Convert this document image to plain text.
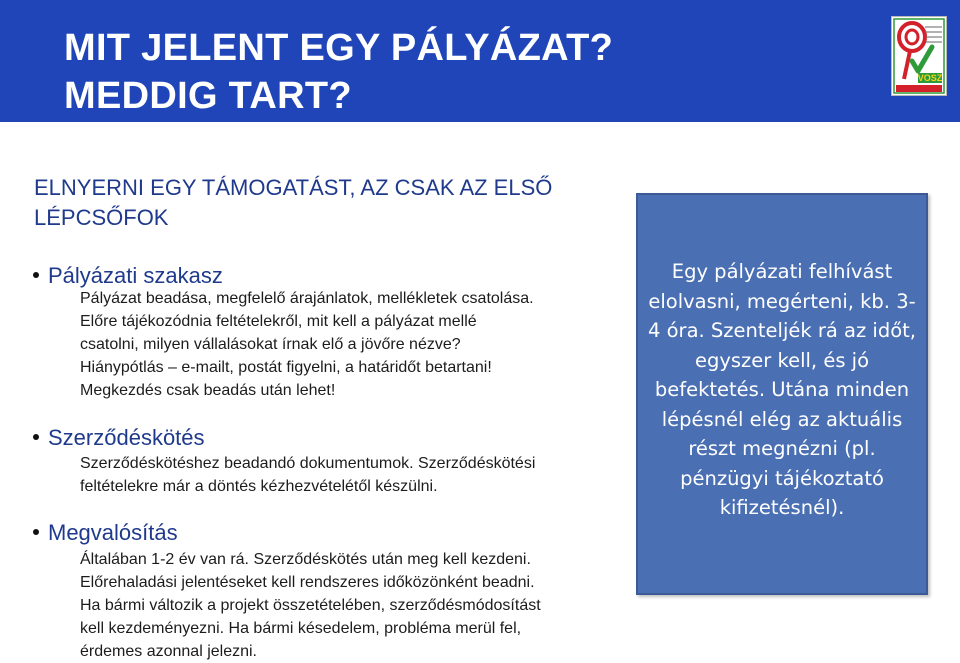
MIT JELENT EGY PÁLYÁZAT?
MEDDIG TART?	VOSZ
ELNYERNI EGY TÁMOGATÁST, AZ CSAK AZ ELSŐ LÉPCSŐFOK
Pályázati szakasz

Pályázat beadása, megfelelő árajánlatok, mellékletek csatolása.
Előre tájékozódnia feltételekről, mit kell a pályázat mellé
csatolni, milyen vállalásokat írnak elő a jövőre nézve?
Hiánypótlás – e-mailt, postát figyelni, a határidőt betartani!
Megkezdés csak beadás után lehet!

Szerződéskötés

Szerződéskötéshez beadandó dokumentumok. Szerződéskötési
feltételekre már a döntés kézhezvételétől készülni.

Megvalósítás

Általában 1-2 év van rá. Szerződéskötés után meg kell kezdeni.
Előrehaladási jelentéseket kell rendszeres időközönként beadni.
Ha bármi változik a projekt összetételében, szerződésmódosítást
kell kezdeményezni. Ha bármi késedelem, probléma merül fel,
érdemes azonnal jelezni.

Egy pályázati felhívást
elolvasni, megérteni, kb. 3-
4 óra. Szenteljék rá az időt,
egyszer kell, és jó
befektetés. Utána minden
lépésnél elég az aktuális
részt megnézni (pl.
pénzügyi tájékoztató
kifizetésnél).
